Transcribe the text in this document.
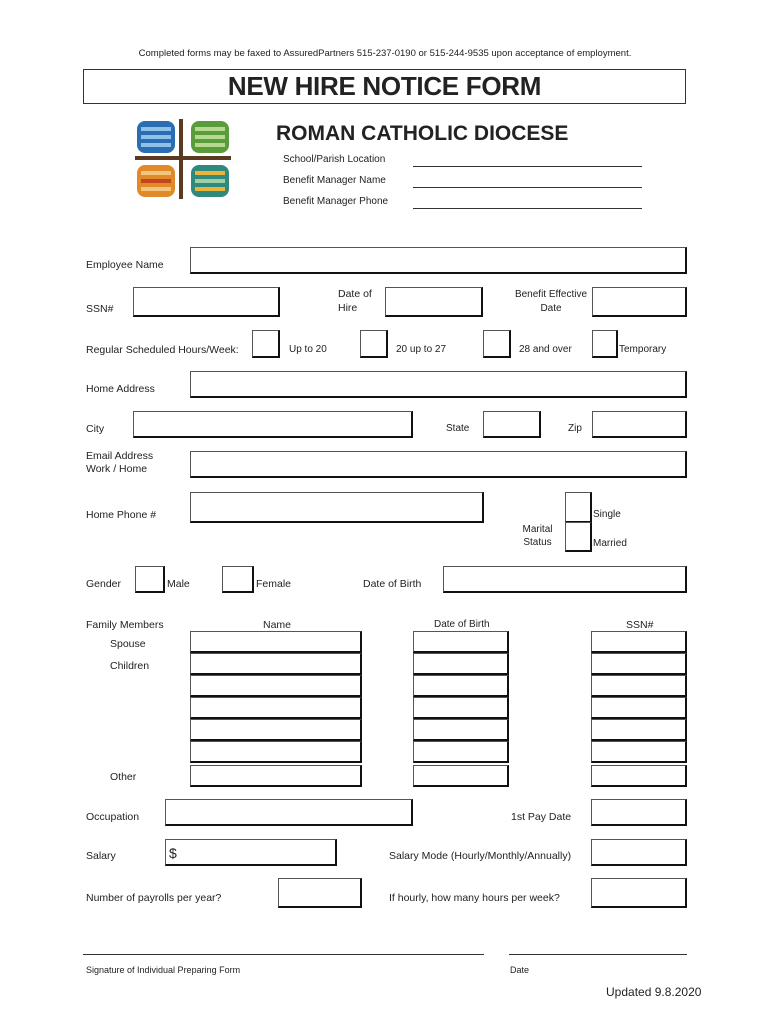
Completed forms may be faxed to AssuredPartners 515-237-0190 or 515-244-9535 upon acceptance of employment.
NEW HIRE NOTICE FORM
ROMAN CATHOLIC DIOCESE
School/Parish Location
Benefit Manager Name
Benefit Manager Phone
Employee Name
SSN#
Date of
Hire
Benefit Effective
Date
Regular Scheduled Hours/Week:	Up to 20	20 up to 27	28 and over	Temporary
Home Address
City	State	Zip
Email Address
Work / Home
Home Phone #	Single
Marital
Status	Married
Gender	Male	Female	Date of Birth
Family Members	Name	Date of Birth	SSN#
Spouse
Children
Other
Occupation	1st Pay Date
Salary	$	Salary Mode (Hourly/Monthly/Annually)
Number of payrolls per year?	If hourly, how many hours per week?
Signature of Individual Preparing Form	Date
Updated 9.8.2020
